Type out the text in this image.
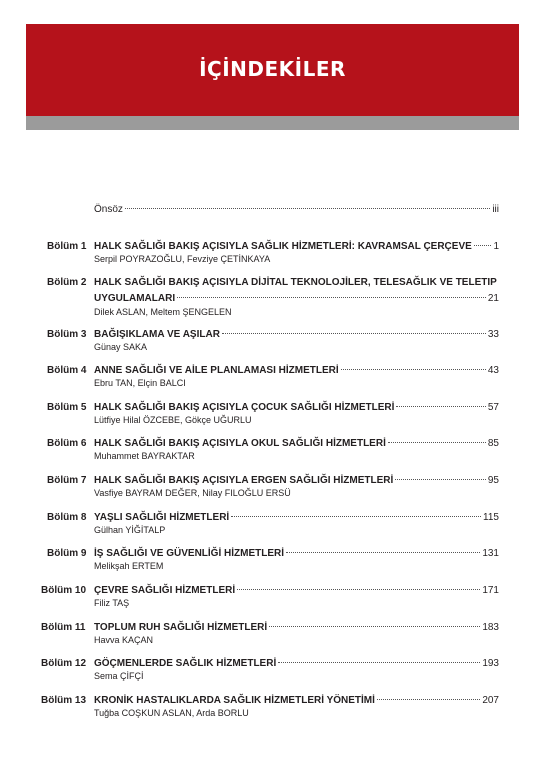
İÇİNDEKİLER
Önsöz	iii
Bölüm 1 HALK SAĞLIĞI BAKIŞ AÇISIYLA SAĞLIK HİZMETLERİ: KAVRAMSAL ÇERÇEVE 1
Serpil POYRAZOĞLU, Fevziye ÇETİNKAYA
Bölüm 2 HALK SAĞLIĞI BAKIŞ AÇISIYLA DİJİTAL TEKNOLOJİLER, TELESAĞLIK VE TELETIP
UYGULAMALARI	21
Dilek ASLAN, Meltem ŞENGELEN
Bölüm 3 BAĞIŞIKLAMA VE AŞILAR	33
Günay SAKA
Bölüm 4 ANNE SAĞLIĞI VE AİLE PLANLAMASI HİZMETLERİ	43
Ebru TAN, Elçin BALCI
Bölüm 5 HALK SAĞLIĞI BAKIŞ AÇISIYLA ÇOCUK SAĞLIĞI HİZMETLERİ	57
Lütfiye Hilal ÖZCEBE, Gökçe UĞURLU
Bölüm 6 HALK SAĞLIĞI BAKIŞ AÇISIYLA OKUL SAĞLIĞI HİZMETLERİ	85
Muhammet BAYRAKTAR
Bölüm 7 HALK SAĞLIĞI BAKIŞ AÇISIYLA ERGEN SAĞLIĞI HİZMETLERİ	95
Vasfiye BAYRAM DEĞER, Nilay FILOĞLU ERSÜ
Bölüm 8 YAŞLI SAĞLIĞI HİZMETLERİ	115
Gülhan YİĞİTALP
Bölüm 9 İŞ SAĞLIĞI VE GÜVENLİĞİ HİZMETLERİ	131
Melikşah ERTEM
Bölüm 10 ÇEVRE SAĞLIĞI HİZMETLERİ	171
Filiz TAŞ
Bölüm 11 TOPLUM RUH SAĞLIĞI HİZMETLERİ	183
Havva KAÇAN
Bölüm 12 GÖÇMENLERDE SAĞLIK HİZMETLERİ	193
Sema ÇİFÇİ
Bölüm 13 KRONİK HASTALIKLARDA SAĞLIK HİZMETLERİ YÖNETİMİ	207
Tuğba COŞKUN ASLAN, Arda BORLU
